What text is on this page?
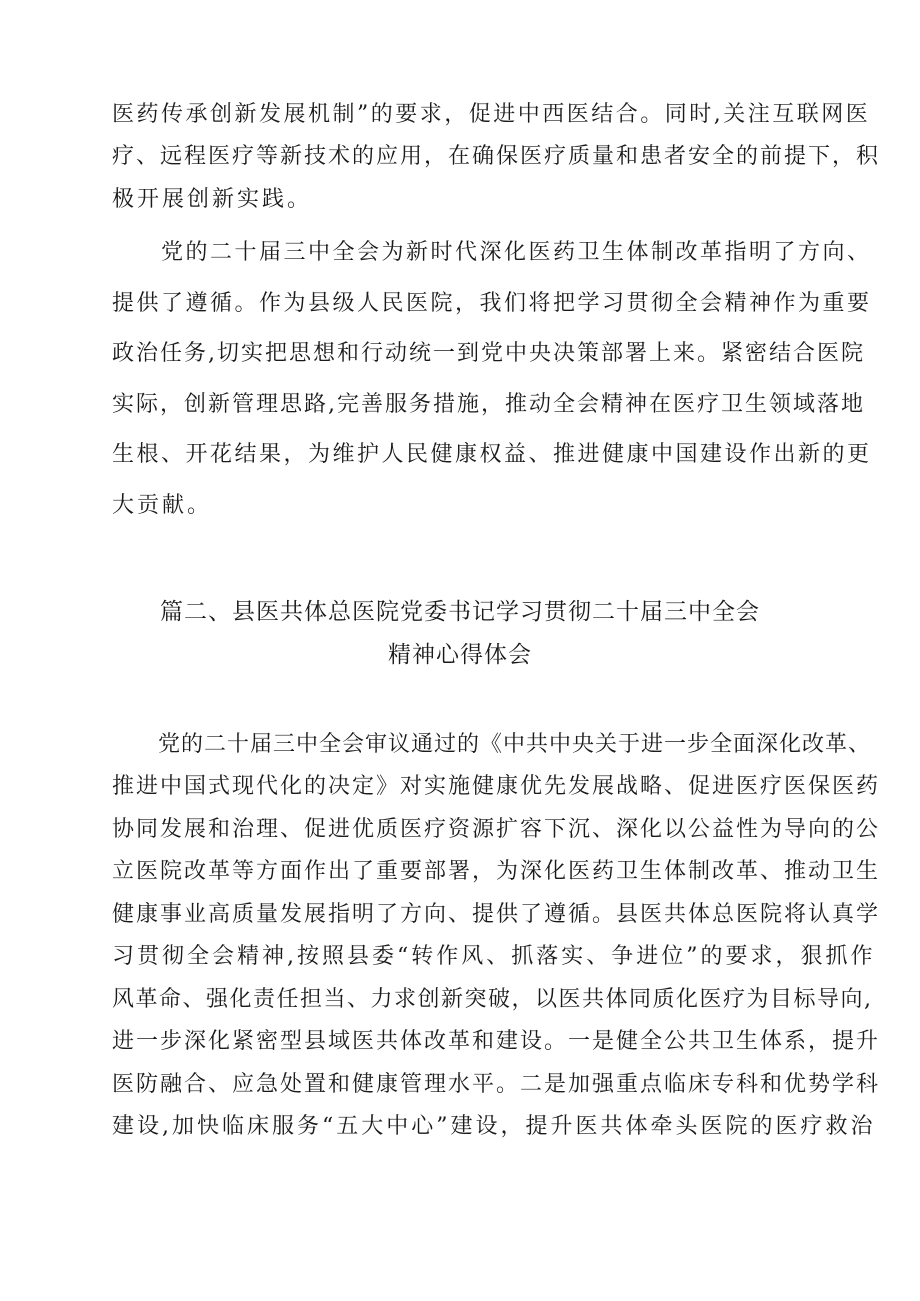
医药传承创新发展机制”的要求，促进中西医结合。同时,关注互联网医
疗、远程医疗等新技术的应用，在确保医疗质量和患者安全的前提下，积
极开展创新实践。
　　党的二十届三中全会为新时代深化医药卫生体制改革指明了方向、
提供了遵循。作为县级人民医院，我们将把学习贯彻全会精神作为重要
政治任务,切实把思想和行动统一到党中央决策部署上来。紧密结合医院
实际，创新管理思路,完善服务措施，推动全会精神在医疗卫生领域落地
生根、开花结果，为维护人民健康权益、推进健康中国建设作出新的更
大贡献。
篇二、县医共体总医院党委书记学习贯彻二十届三中全会
精神心得体会
　　党的二十届三中全会审议通过的《中共中央关于进一步全面深化改革、
推进中国式现代化的决定》对实施健康优先发展战略、促进医疗医保医药
协同发展和治理、促进优质医疗资源扩容下沉、深化以公益性为导向的公
立医院改革等方面作出了重要部署，为深化医药卫生体制改革、推动卫生
健康事业高质量发展指明了方向、提供了遵循。县医共体总医院将认真学
习贯彻全会精神,按照县委“转作风、抓落实、争进位”的要求，狠抓作
风革命、强化责任担当、力求创新突破，以医共体同质化医疗为目标导向,
进一步深化紧密型县域医共体改革和建设。一是健全公共卫生体系，提升
医防融合、应急处置和健康管理水平。二是加强重点临床专科和优势学科
建设,加快临床服务“五大中心”建设，提升医共体牵头医院的医疗救治
